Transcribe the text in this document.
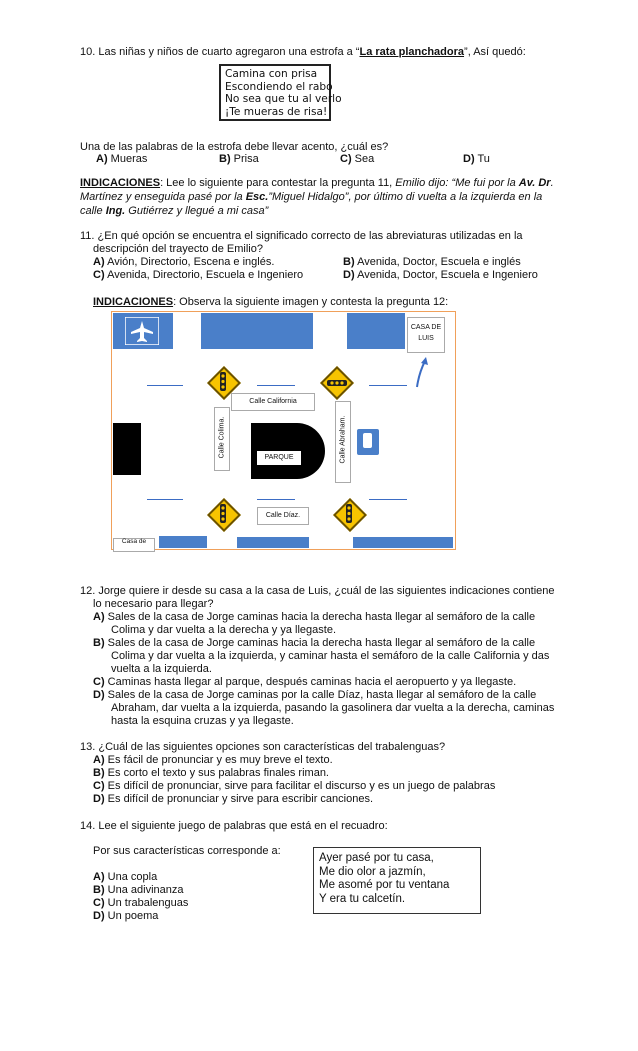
10. Las niñas y niños de cuarto agregaron una estrofa a “La rata planchadora”, Así quedó:
Camina con prisa
Escondiendo el rabo
No sea que tu al verlo
¡Te mueras de risa!
Una de las palabras de la estrofa debe llevar acento, ¿cuál es?
A) Mueras	B) Prisa	C) Sea	D) Tu
INDICACIONES: Lee lo siguiente para contestar la pregunta 11, Emilio dijo: “Me fui por la Av. Dr.
Martínez y enseguida pasé por la Esc.”Miguel Hidalgo”, por último di vuelta a la izquierda en la
calle Ing. Gutiérrez y llegué a mi casa”
11. ¿En qué opción se encuentra el significado correcto de las abreviaturas utilizadas en la
descripción del trayecto de Emilio?
A) Avión, Directorio, Escena e inglés.	B) Avenida, Doctor, Escuela e inglés
C) Avenida, Directorio, Escuela e Ingeniero	D) Avenida, Doctor, Escuela e Ingeniero
INDICACIONES: Observa la siguiente imagen y contesta la pregunta 12:
CASA DE
LUIS
Calle California
Calle Colima.	Calle Abraham.
PARQUE
Calle Díaz.
Casa de
12. Jorge quiere ir desde su casa a la casa de Luis, ¿cuál de las siguientes indicaciones contiene
lo necesario para llegar?
A) Sales de la casa de Jorge caminas hacia la derecha hasta llegar al semáforo de la calle
Colima y dar vuelta a la derecha y ya llegaste.
B) Sales de la casa de Jorge caminas hacia la derecha hasta llegar al semáforo de la calle
Colima y dar vuelta a la izquierda, y caminar hasta el semáforo de la calle California y das
vuelta a la izquierda.
C) Caminas hasta llegar al parque, después caminas hacia el aeropuerto y ya llegaste.
D) Sales de la casa de Jorge caminas por la calle Díaz, hasta llegar al semáforo de la calle
Abraham, dar vuelta a la izquierda, pasando la gasolinera dar vuelta a la derecha, caminas
hasta la esquina cruzas y ya llegaste.
13. ¿Cuál de las siguientes opciones son características del trabalenguas?
A) Es fácil de pronunciar y es muy breve el texto.
B) Es corto el texto y sus palabras finales riman.
C) Es difícil de pronunciar, sirve para facilitar el discurso y es un juego de palabras
D) Es difícil de pronunciar y sirve para escribir canciones.
14. Lee el siguiente juego de palabras que está en el recuadro:
Por sus características corresponde a:
Ayer pasé por tu casa,
Me dio olor a jazmín,
Me asomé por tu ventana
Y era tu calcetín.
A) Una copla
B) Una adivinanza
C) Un trabalenguas
D) Un poema
